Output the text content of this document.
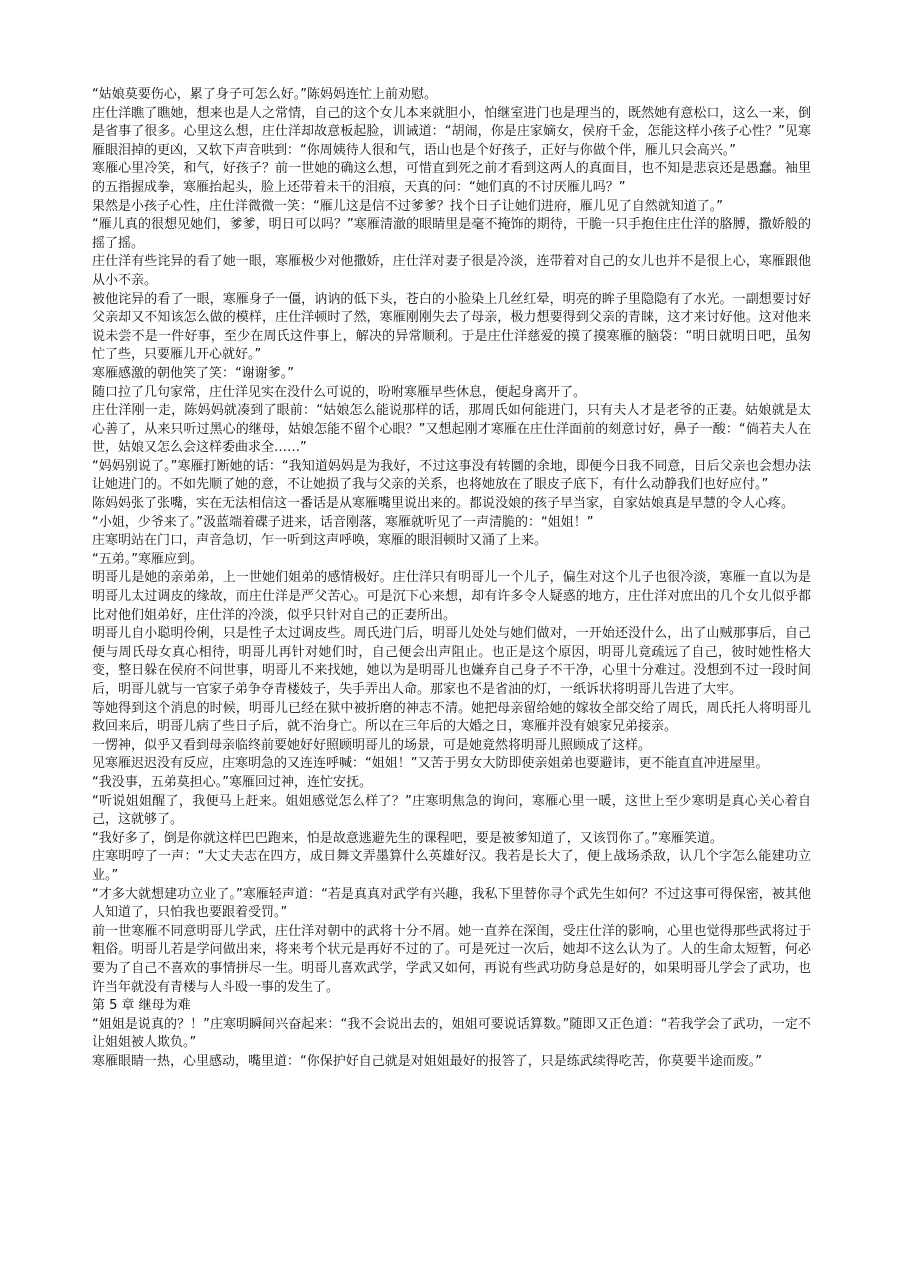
“姑娘莫要伤心，累了身子可怎么好。”陈妈妈连忙上前劝慰。

庄仕洋瞧了瞧她，想来也是人之常情，自己的这个女儿本来就胆小，怕继室进门也是理当的，既然她有意松口，这么一来，倒是省事了很多。心里这么想，庄仕洋却故意板起脸，训诫道：“胡闹，你是庄家嫡女，侯府千金，怎能这样小孩子心性？”见寒雁眼泪掉的更凶，又软下声音哄到：“你周姨待人很和气，语山也是个好孩子，正好与你做个伴，雁儿只会高兴。”

寒雁心里冷笑，和气，好孩子？前一世她的确这么想，可惜直到死之前才看到这两人的真面目，也不知是悲哀还是愚蠢。袖里的五指握成拳，寒雁抬起头，脸上还带着未干的泪痕，天真的问：“她们真的不讨厌雁儿吗？”

果然是小孩子心性，庄仕洋微微一笑：“雁儿这是信不过爹爹？找个日子让她们进府，雁儿见了自然就知道了。”

“雁儿真的很想见她们，爹爹，明日可以吗？”寒雁清澈的眼睛里是毫不掩饰的期待，干脆一只手抱住庄仕洋的胳膊，撒娇般的摇了摇。

庄仕洋有些诧异的看了她一眼，寒雁极少对他撒娇，庄仕洋对妻子很是冷淡，连带着对自己的女儿也并不是很上心，寒雁跟他从小不亲。

被他诧异的看了一眼，寒雁身子一僵，讷讷的低下头，苍白的小脸染上几丝红晕，明亮的眸子里隐隐有了水光。一副想要讨好父亲却又不知该怎么做的模样，庄仕洋顿时了然，寒雁刚刚失去了母亲，极力想要得到父亲的青睐，这才来讨好他。这对他来说未尝不是一件好事，至少在周氏这件事上，解决的异常顺利。于是庄仕洋慈爱的摸了摸寒雁的脑袋：“明日就明日吧，虽匆忙了些，只要雁儿开心就好。”

寒雁感激的朝他笑了笑：“谢谢爹。”

随口拉了几句家常，庄仕洋见实在没什么可说的，吩咐寒雁早些休息，便起身离开了。

庄仕洋刚一走，陈妈妈就凑到了眼前：“姑娘怎么能说那样的话，那周氏如何能进门，只有夫人才是老爷的正妻。姑娘就是太心善了，从来只听过黑心的继母，姑娘怎能不留个心眼？”又想起刚才寒雁在庄仕洋面前的刻意讨好，鼻子一酸：“倘若夫人在世，姑娘又怎么会这样委曲求全……”

“妈妈别说了。”寒雁打断她的话：“我知道妈妈是为我好，不过这事没有转圜的余地，即便今日我不同意，日后父亲也会想办法让她进门的。不如先顺了她的意，不让她损了我与父亲的关系，也将她放在了眼皮子底下，有什么动静我们也好应付。”

陈妈妈张了张嘴，实在无法相信这一番话是从寒雁嘴里说出来的。都说没娘的孩子早当家，自家姑娘真是早慧的令人心疼。

“小姐，少爷来了。”汲蓝端着碟子进来，话音刚落，寒雁就听见了一声清脆的：“姐姐！”

庄寒明站在门口，声音急切，乍一听到这声呼唤，寒雁的眼泪顿时又涌了上来。

“五弟。”寒雁应到。

明哥儿是她的亲弟弟，上一世她们姐弟的感情极好。庄仕洋只有明哥儿一个儿子，偏生对这个儿子也很冷淡，寒雁一直以为是明哥儿太过调皮的缘故，而庄仕洋是严父苦心。可是沉下心来想，却有许多令人疑惑的地方，庄仕洋对庶出的几个女儿似乎都比对他们姐弟好，庄仕洋的冷淡，似乎只针对自己的正妻所出。

明哥儿自小聪明伶俐，只是性子太过调皮些。周氏进门后，明哥儿处处与她们做对，一开始还没什么，出了山贼那事后，自己便与周氏母女真心相待，明哥儿再针对她们时，自己便会出声阻止。也正是这个原因，明哥儿竟疏远了自己，彼时她性格大变，整日躲在侯府不问世事，明哥儿不来找她，她以为是明哥儿也嫌弃自己身子不干净，心里十分难过。没想到不过一段时间后，明哥儿就与一官家子弟争夺青楼妓子，失手弄出人命。那家也不是省油的灯，一纸诉状将明哥儿告进了大牢。

等她得到这个消息的时候，明哥儿已经在狱中被折磨的神志不清。她把母亲留给她的嫁妆全部交给了周氏，周氏托人将明哥儿救回来后，明哥儿病了些日子后，就不治身亡。所以在三年后的大婚之日，寒雁并没有娘家兄弟接亲。

一愣神，似乎又看到母亲临终前要她好好照顾明哥儿的场景，可是她竟然将明哥儿照顾成了这样。

见寒雁迟迟没有反应，庄寒明急的又连连呼喊：“姐姐！”又苦于男女大防即使亲姐弟也要避讳，更不能直直冲进屋里。

“我没事，五弟莫担心。”寒雁回过神，连忙安抚。

“听说姐姐醒了，我便马上赶来。姐姐感觉怎么样了？”庄寒明焦急的询问，寒雁心里一暖，这世上至少寒明是真心关心着自己，这就够了。

“我好多了，倒是你就这样巴巴跑来，怕是故意逃避先生的课程吧，要是被爹知道了，又该罚你了。”寒雁笑道。

庄寒明哼了一声：“大丈夫志在四方，成日舞文弄墨算什么英雄好汉。我若是长大了，便上战场杀敌，认几个字怎么能建功立业。”

“才多大就想建功立业了。”寒雁轻声道：“若是真真对武学有兴趣，我私下里替你寻个武先生如何？不过这事可得保密，被其他人知道了，只怕我也要跟着受罚。”

前一世寒雁不同意明哥儿学武，庄仕洋对朝中的武将十分不屑。她一直养在深闺，受庄仕洋的影响，心里也觉得那些武将过于粗俗。明哥儿若是学问做出来，将来考个状元是再好不过的了。可是死过一次后，她却不这么认为了。人的生命太短暂，何必要为了自己不喜欢的事情拼尽一生。明哥儿喜欢武学，学武又如何，再说有些武功防身总是好的，如果明哥儿学会了武功，也许当年就没有青楼与人斗殴一事的发生了。

第 5 章 继母为难

“姐姐是说真的？！”庄寒明瞬间兴奋起来：“我不会说出去的，姐姐可要说话算数。”随即又正色道：“若我学会了武功，一定不让姐姐被人欺负。”

寒雁眼睛一热，心里感动，嘴里道：“你保护好自己就是对姐姐最好的报答了，只是练武续得吃苦，你莫要半途而废。”
